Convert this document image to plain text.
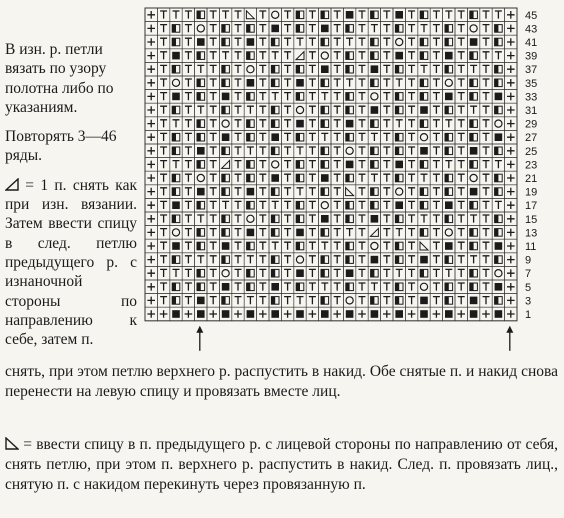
В изн. р. петли вязать по узору полотна либо по указаниям.

Повторять 3—46 ряды.

= 1 п. снять как при изн. вязании. Затем ввести спицу в след. петлю предыдущего р. с изнаночной стороны по направлению к себе, затем п.

45
43
41
39
37
35
33
31
29
27
25
23
21
19
17
15
13
11
9
7
5
3
1
снять, при этом петлю верхнего р. распустить в накид. Обе снятые п. и накид снова перенести на левую спицу и провязать вместе лиц.
= ввести спицу в п. предыдущего р. с лицевой стороны по направлению от себя, снять петлю, при этом п. верхнего р. распустить в накид. След. п. провязать лиц., снятую п. с накидом перекинуть через провязанную п.
